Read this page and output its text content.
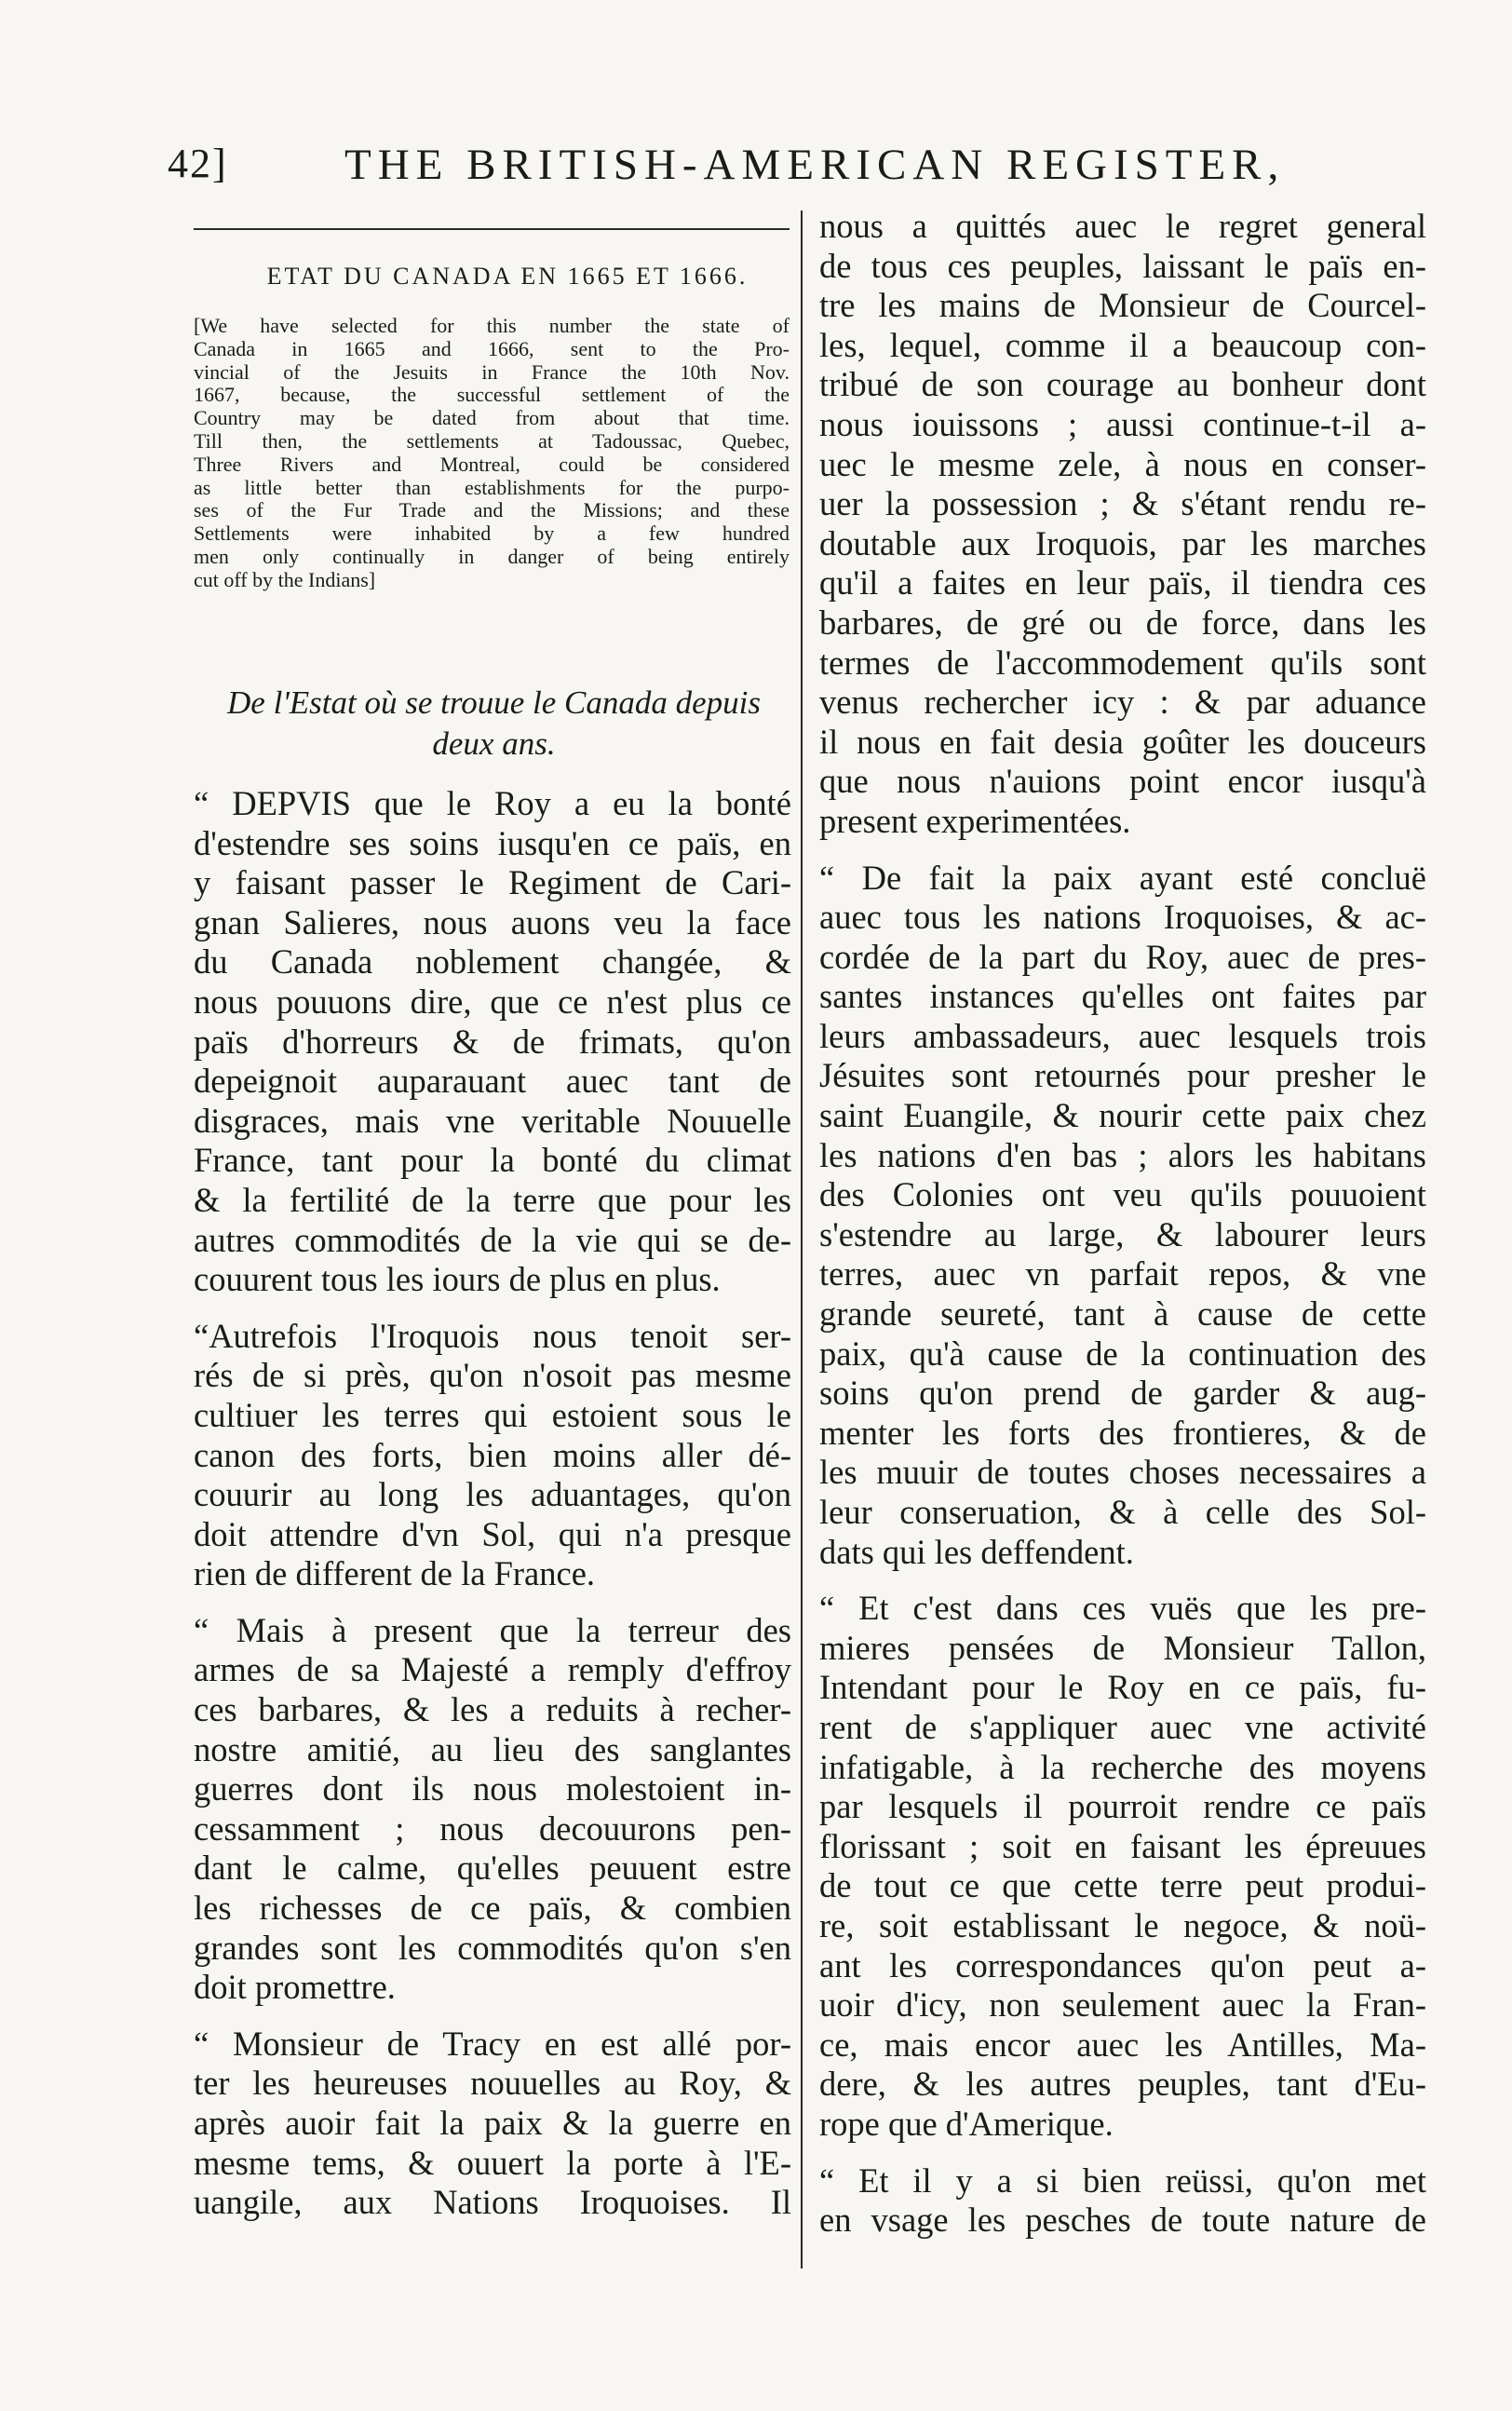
42]	THE BRITISH-AMERICAN REGISTER,
ETAT DU CANADA EN 1665 ET 1666.
[We have selected for this number the state of
Canada in 1665 and 1666, sent to the Pro-
vincial of the Jesuits in France the 10th Nov.
1667, because, the successful settlement of the
Country may be dated from about that time.
Till then, the settlements at Tadoussac, Quebec,
Three Rivers and Montreal, could be considered
as little better than establishments for the purpo-
ses of the Fur Trade and the Missions; and these
Settlements were inhabited by a few hundred
men only continually in danger of being entirely
cut off by the Indians]
De l'Estat où se trouue le Canada depuis
deux ans.
“ DEPVIS que le Roy a eu la bonté
d'estendre ses soins iusqu'en ce païs, en
y faisant passer le Regiment de Cari-
gnan Salieres, nous auons veu la face
du Canada noblement changée, &
nous pouuons dire, que ce n'est plus ce
païs d'horreurs & de frimats, qu'on
depeignoit auparauant auec tant de
disgraces, mais vne veritable Nouuelle
France, tant pour la bonté du climat
& la fertilité de la terre que pour les
autres commodités de la vie qui se de-
couurent tous les iours de plus en plus.
“Autrefois l'Iroquois nous tenoit ser-
rés de si près, qu'on n'osoit pas mesme
cultiuer les terres qui estoient sous le
canon des forts, bien moins aller dé-
couurir au long les aduantages, qu'on
doit attendre d'vn Sol, qui n'a presque
rien de different de la France.
“ Mais à present que la terreur des
armes de sa Majesté a remply d'effroy
ces barbares, & les a reduits à recher-
nostre amitié, au lieu des sanglantes
guerres dont ils nous molestoient in-
cessamment ; nous decouurons pen-
dant le calme, qu'elles peuuent estre
les richesses de ce païs, & combien
grandes sont les commodités qu'on s'en
doit promettre.
“ Monsieur de Tracy en est allé por-
ter les heureuses nouuelles au Roy, &
après auoir fait la paix & la guerre en
mesme tems, & ouuert la porte à l'E-
uangile, aux Nations Iroquoises. Il
nous a quittés auec le regret general
de tous ces peuples, laissant le païs en-
tre les mains de Monsieur de Courcel-
les, lequel, comme il a beaucoup con-
tribué de son courage au bonheur dont
nous iouissons ; aussi continue-t-il a-
uec le mesme zele, à nous en conser-
uer la possession ; & s'étant rendu re-
doutable aux Iroquois, par les marches
qu'il a faites en leur païs, il tiendra ces
barbares, de gré ou de force, dans les
termes de l'accommodement qu'ils sont
venus rechercher icy : & par aduance
il nous en fait desia goûter les douceurs
que nous n'auions point encor iusqu'à
present experimentées.
“ De fait la paix ayant esté concluë
auec tous les nations Iroquoises, & ac-
cordée de la part du Roy, auec de pres-
santes instances qu'elles ont faites par
leurs ambassadeurs, auec lesquels trois
Jésuites sont retournés pour presher le
saint Euangile, & nourir cette paix chez
les nations d'en bas ; alors les habitans
des Colonies ont veu qu'ils pouuoient
s'estendre au large, & labourer leurs
terres, auec vn parfait repos, & vne
grande seureté, tant à cause de cette
paix, qu'à cause de la continuation des
soins qu'on prend de garder & aug-
menter les forts des frontieres, & de
les muuir de toutes choses necessaires a
leur conseruation, & à celle des Sol-
dats qui les deffendent.
“ Et c'est dans ces vuës que les pre-
mieres pensées de Monsieur Tallon,
Intendant pour le Roy en ce païs, fu-
rent de s'appliquer auec vne activité
infatigable, à la recherche des moyens
par lesquels il pourroit rendre ce païs
florissant ; soit en faisant les épreuues
de tout ce que cette terre peut produi-
re, soit establissant le negoce, & noü-
ant les correspondances qu'on peut a-
uoir d'icy, non seulement auec la Fran-
ce, mais encor auec les Antilles, Ma-
dere, & les autres peuples, tant d'Eu-
rope que d'Amerique.
“ Et il y a si bien reüssi, qu'on met
en vsage les pesches de toute nature de
